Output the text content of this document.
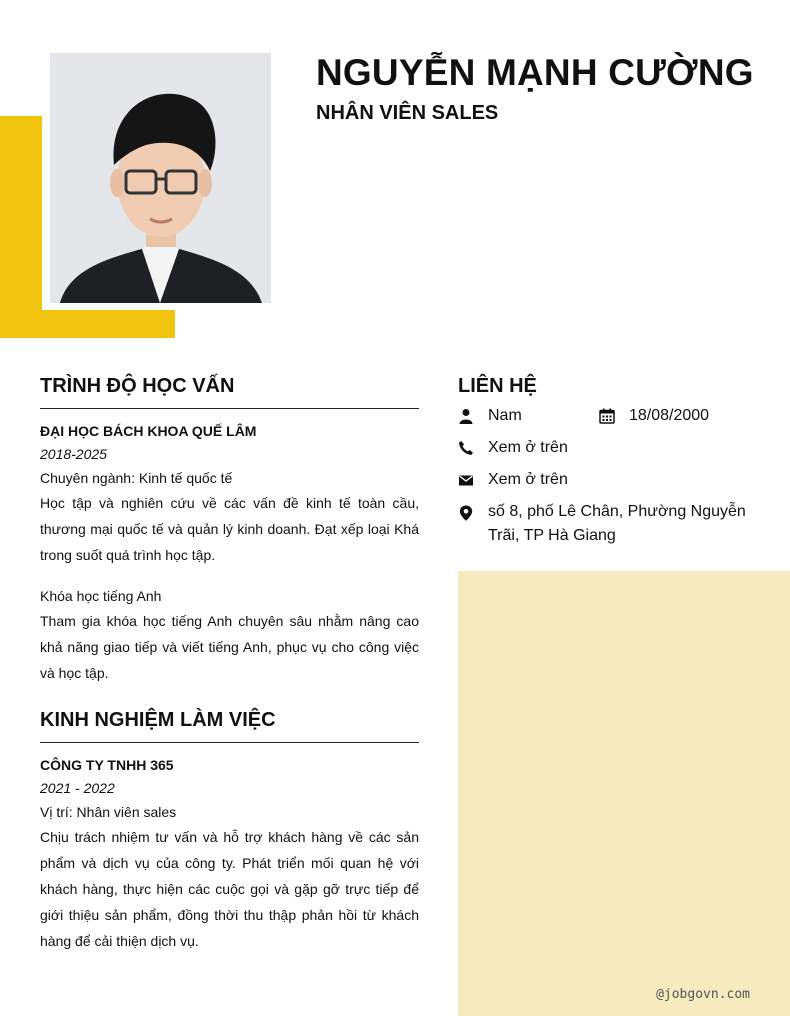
NGUYỄN MẠNH CƯỜNG
NHÂN VIÊN SALES
TRÌNH ĐỘ HỌC VẤN
ĐẠI HỌC BÁCH KHOA QUẾ LÂM
2018-2025
Chuyên ngành: Kinh tế quốc tế
Học tập và nghiên cứu về các vấn đề kinh tế toàn cầu, thương mại quốc tế và quản lý kinh doanh. Đạt xếp loại Khá trong suốt quá trình học tập.
Khóa học tiếng Anh
Tham gia khóa học tiếng Anh chuyên sâu nhằm nâng cao khả năng giao tiếp và viết tiếng Anh, phục vụ cho công việc và học tập.
KINH NGHIỆM LÀM VIỆC
CÔNG TY TNHH 365
2021 - 2022
Vị trí: Nhân viên sales
Chịu trách nhiệm tư vấn và hỗ trợ khách hàng về các sản phẩm và dịch vụ của công ty. Phát triển mối quan hệ với khách hàng, thực hiện các cuộc gọi và gặp gỡ trực tiếp để giới thiệu sản phẩm, đồng thời thu thập phản hồi từ khách hàng để cải thiện dịch vụ.
LIÊN HỆ
Nam	18/08/2000
Xem ở trên
Xem ở trên
số 8, phố Lê Chân, Phường Nguyễn Trãi, TP Hà Giang
@jobgovn.com
